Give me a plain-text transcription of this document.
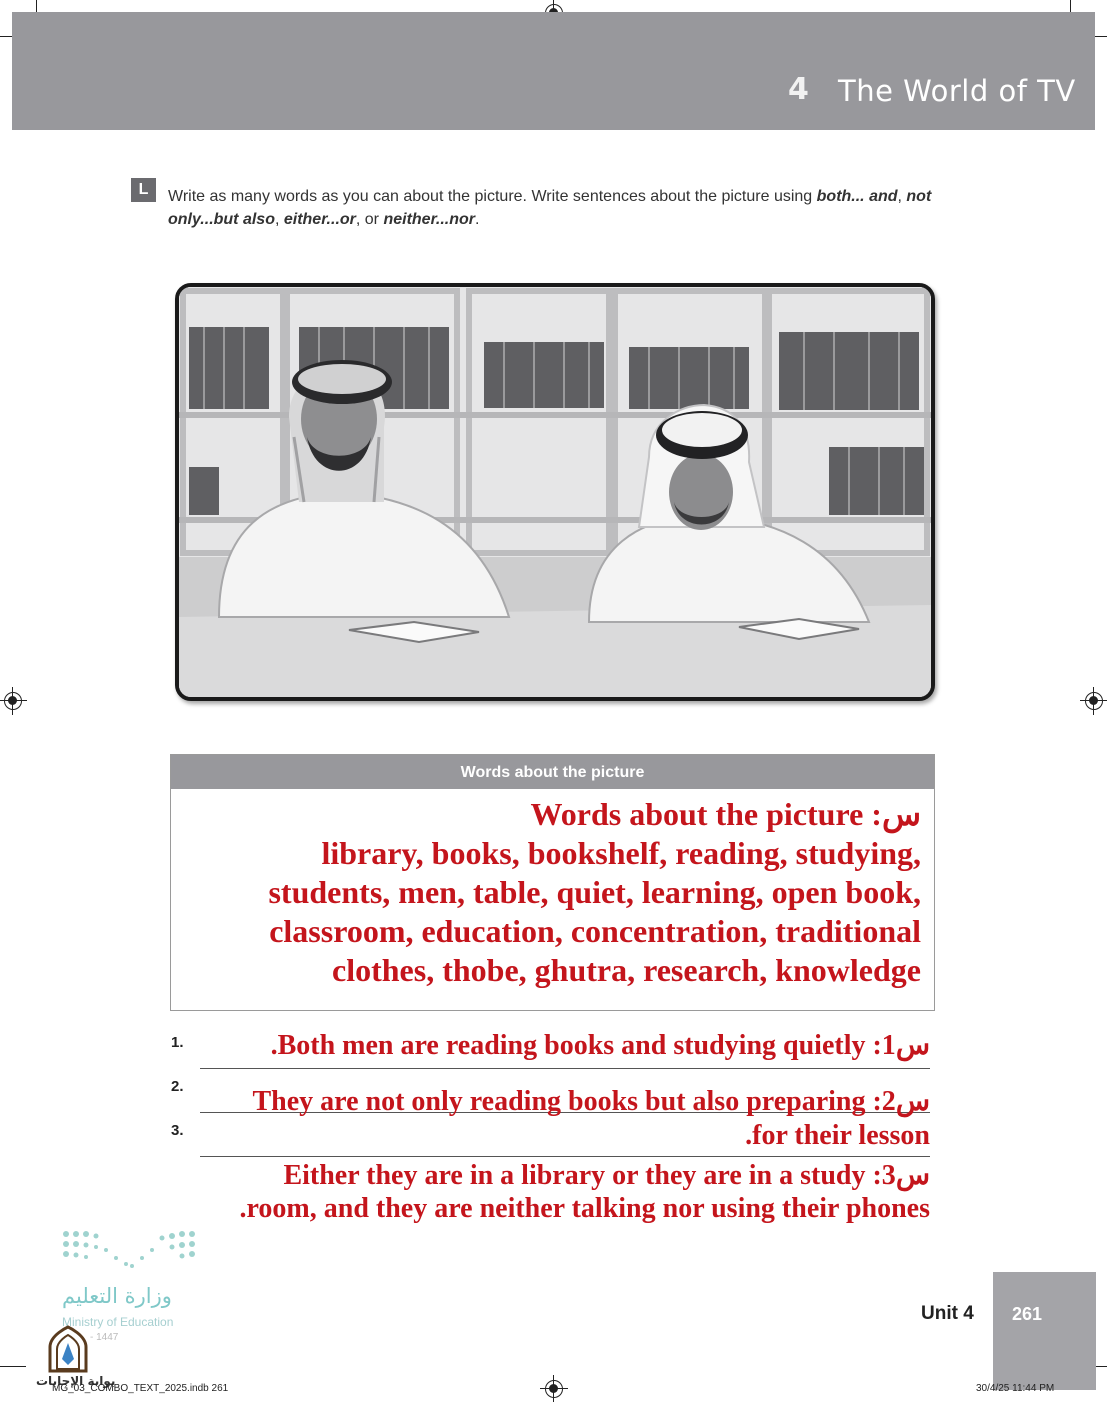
4 The World of TV
L	Write as many words as you can about the picture. Write sentences about the picture using both... and, not only...but also, either...or, or neither...nor.
Words about the picture
Words about the picture :س
library, books, bookshelf, reading, studying,
students, men, table, quiet, learning, open book,
classroom, education, concentration, traditional
clothes, thobe, ghutra, research, knowledge
1.
2.
3.
.Both men are reading books and studying quietly :1س
They are not only reading books but also preparing :2س
.for their lesson
Either they are in a library or they are in a study :3س
.room, and they are neither talking nor using their phones
وزارة التعليم
Ministry of Education
- 1447
بوابة الإجابات
Unit 4	261
MG_03_COMBO_TEXT_2025.indb 261	30/4/25 11:44 PM
